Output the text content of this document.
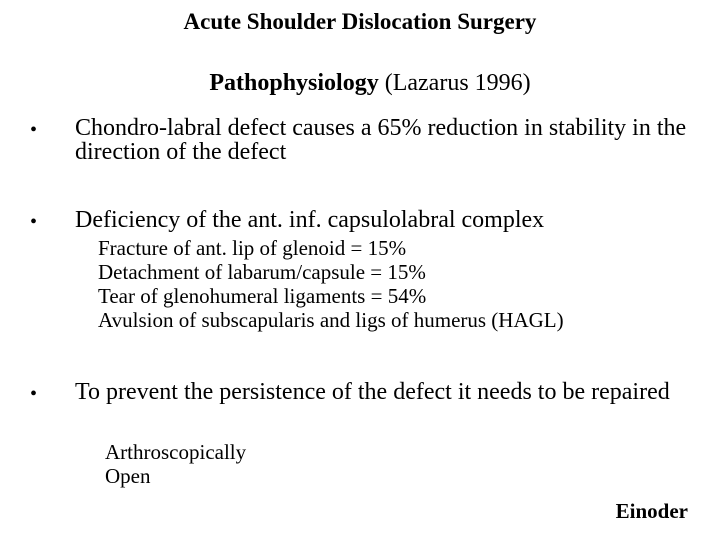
Acute Shoulder Dislocation Surgery
Pathophysiology (Lazarus 1996)
• Chondro-labral defect causes a 65% reduction in stability in the direction of the defect
• Deficiency of the ant. inf. capsulolabral complex
Fracture of ant. lip of glenoid = 15%
Detachment of labarum/capsule = 15%
Tear of glenohumeral ligaments = 54%
Avulsion of subscapularis and ligs of humerus (HAGL)
• To prevent the persistence of the defect it needs to be repaired
Arthroscopically
Open
Einoder
